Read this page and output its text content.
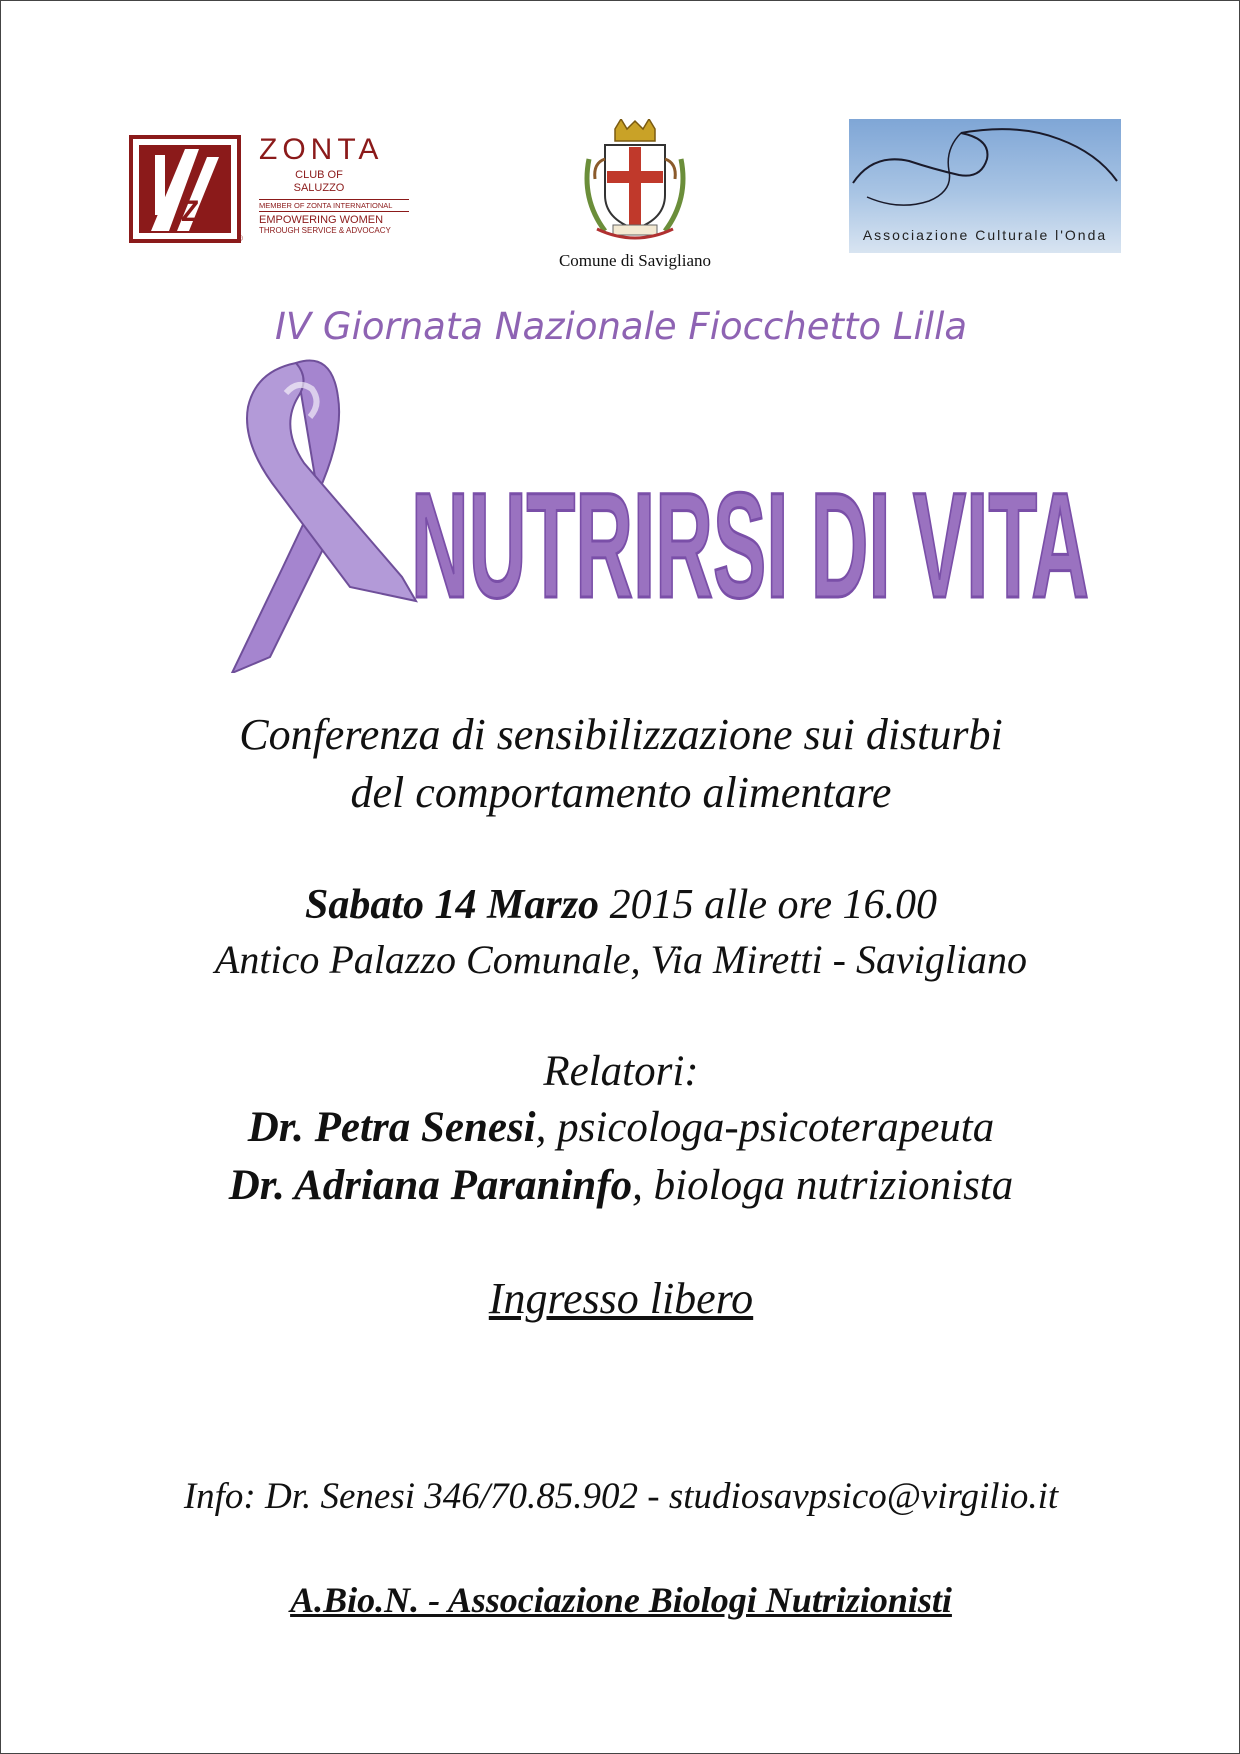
Z
®
ZONTA
CLUB OF SALUZZO
MEMBER OF ZONTA INTERNATIONAL
EMPOWERING WOMEN
THROUGH SERVICE & ADVOCACY
Comune di Savigliano
Associazione Culturale l'Onda
IV Giornata Nazionale Fiocchetto Lilla
NUTRIRSI DI VITA
Conferenza di sensibilizzazione sui disturbi
del comportamento alimentare
Sabato 14 Marzo 2015 alle ore 16.00
Antico Palazzo Comunale, Via Miretti - Savigliano
Relatori:
Dr. Petra Senesi, psicologa-psicoterapeuta
Dr. Adriana Paraninfo, biologa nutrizionista
Ingresso libero
Info: Dr. Senesi 346/70.85.902 - studiosavpsico@virgilio.it
A.Bio.N. - Associazione Biologi Nutrizionisti
